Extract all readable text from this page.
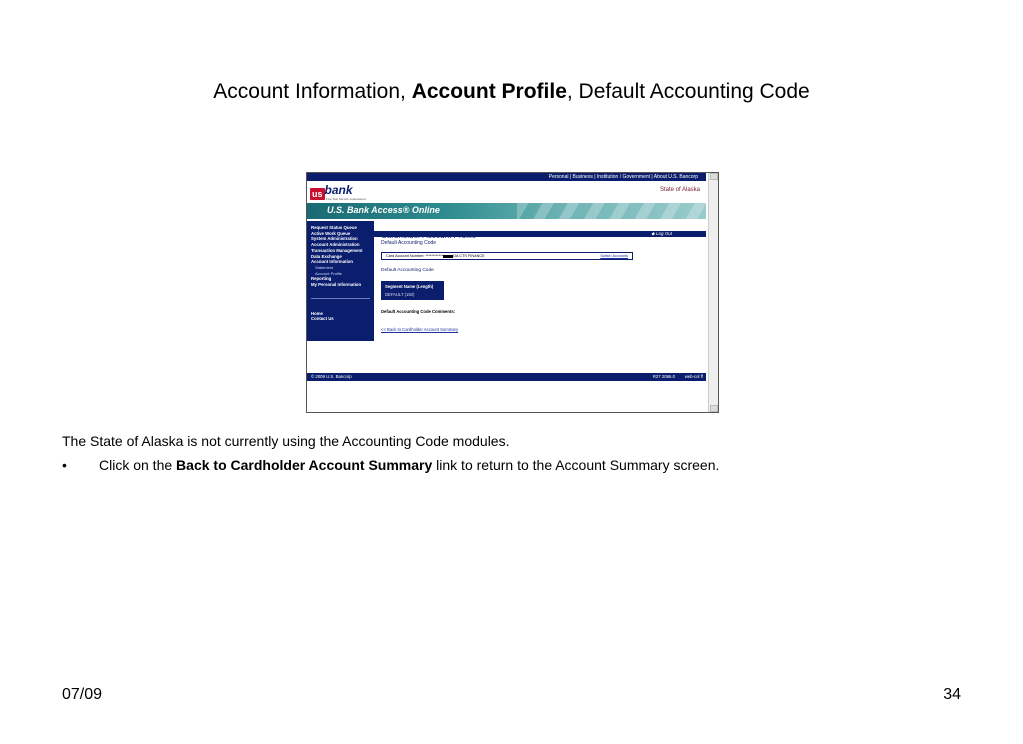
Account Information, Account Profile, Default Accounting Code
Personal | Business | Institution / Government | About U.S. Bancorp
us bank
Five Star Service Guaranteed
State of Alaska
U.S. Bank Access® Online
Request Status Queue
Active Work Queue
System Administration
Account Administration
Transaction Management
Data Exchange
Account Information
Statement
Account Profile
Reporting
My Personal Information
Home
Contact Us
◆ Log Out
Cardholder Account Profile
Default Accounting Code
Card Account Number: ************	DA CTS FINANCE	Switch Accounts
Default Accounting Code
Segment Name (Length)
DEFAULT (150)
Default Accounting Code Comments:
<< Back to Cardholder Account Summary
© 2009 U.S. Bancorp	R27 2066.0 web-col ff
The State of Alaska is not currently using the Accounting Code modules.
• Click on the Back to Cardholder Account Summary link to return to the Account Summary screen.
07/09	34
